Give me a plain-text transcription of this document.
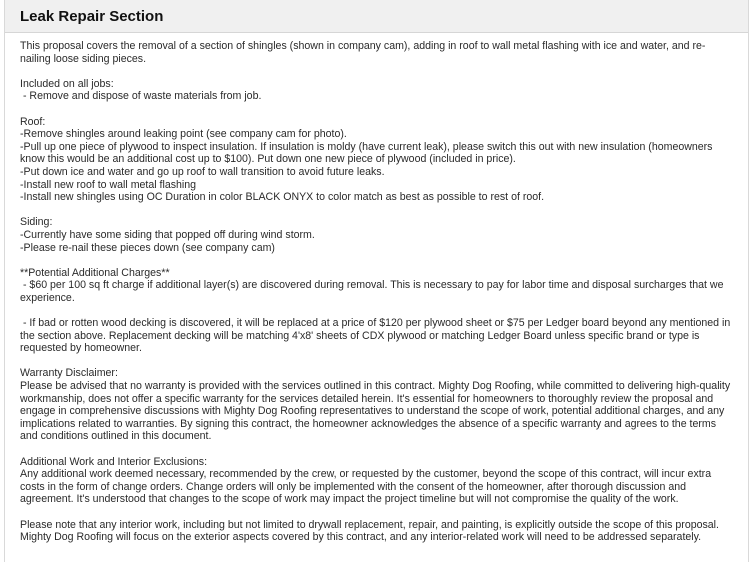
Leak Repair Section

This proposal covers the removal of a section of shingles (shown in company cam), adding in roof to wall metal flashing with ice and water, and re-nailing loose siding pieces.

Included on all jobs:
- Remove and dispose of waste materials from job.
Roof:
-Remove shingles around leaking point (see company cam for photo).
-Pull up one piece of plywood to inspect insulation. If insulation is moldy (have current leak), please switch this out with new insulation (homeowners know this would be an additional cost up to $100). Put down one new piece of plywood (included in price).
-Put down ice and water and go up roof to wall transition to avoid future leaks.
-Install new roof to wall metal flashing
-Install new shingles using OC Duration in color BLACK ONYX to color match as best as possible to rest of roof.
Siding:
-Currently have some siding that popped off during wind storm.
-Please re-nail these pieces down (see company cam)
**Potential Additional Charges**
- $60 per 100 sq ft charge if additional layer(s) are discovered during removal. This is necessary to pay for labor time and disposal surcharges that we experience.

- If bad or rotten wood decking is discovered, it will be replaced at a price of $120 per plywood sheet or $75 per Ledger board beyond any mentioned in the section above. Replacement decking will be matching 4'x8' sheets of CDX plywood or matching Ledger Board unless specific brand or type is requested by homeowner.

Warranty Disclaimer:
Please be advised that no warranty is provided with the services outlined in this contract. Mighty Dog Roofing, while committed to delivering high-quality workmanship, does not offer a specific warranty for the services detailed herein. It's essential for homeowners to thoroughly review the proposal and engage in comprehensive discussions with Mighty Dog Roofing representatives to understand the scope of work, potential additional charges, and any implications related to warranties. By signing this contract, the homeowner acknowledges the absence of a specific warranty and agrees to the terms and conditions outlined in this document.
Additional Work and Interior Exclusions:
Any additional work deemed necessary, recommended by the crew, or requested by the customer, beyond the scope of this contract, will incur extra costs in the form of change orders. Change orders will only be implemented with the consent of the homeowner, after thorough discussion and agreement. It's understood that changes to the scope of work may impact the project timeline but will not compromise the quality of the work.

Please note that any interior work, including but not limited to drywall replacement, repair, and painting, is explicitly outside the scope of this proposal. Mighty Dog Roofing will focus on the exterior aspects covered by this contract, and any interior-related work will need to be addressed separately.
